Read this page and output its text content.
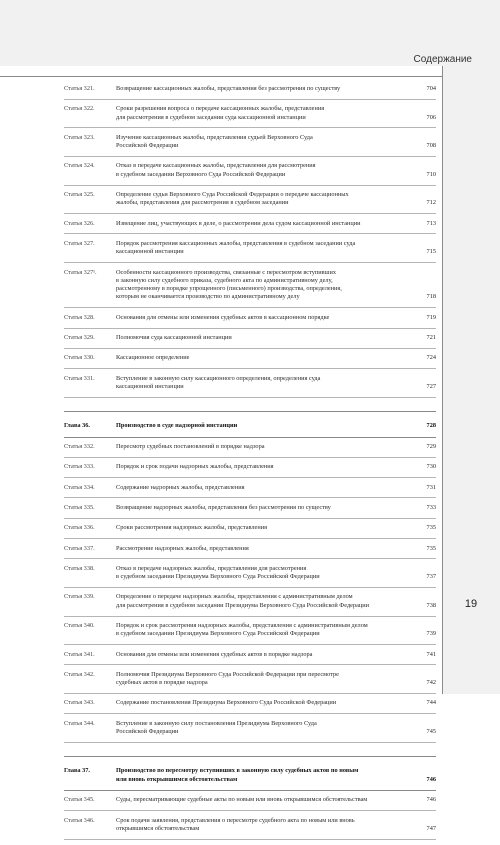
Содержание
19
Статья 321.	Возвращение кассационных жалобы, представления без рассмотрения по существу	704
Статья 322.	Сроки разрешения вопроса о передаче кассационных жалобы, представления
для рассмотрения в судебном заседании суда кассационной инстанции	706
Статья 323.	Изучение кассационных жалобы, представления судьей Верховного Суда
Российской Федерации	708
Статья 324.	Отказ в передаче кассационных жалобы, представления для рассмотрения
в судебном заседании Верховного Суда Российской Федерации	710
Статья 325.	Определение судьи Верховного Суда Российской Федерации о передаче кассационных
жалобы, представления для рассмотрения в судебном заседании	712
Статья 326.	Извещение лиц, участвующих в деле, о рассмотрении дела судом кассационной инстанции	713
Статья 327.	Порядок рассмотрения кассационных жалобы, представления в судебном заседании суда
кассационной инстанции	715
Статья 327¹.	Особенности кассационного производства, связанные с пересмотром вступивших
в законную силу судебного приказа, судебного акта по административному делу,
рассмотренному в порядке упрощенного (письменного) производства, определения,
которым не оканчивается производство по административному делу	718
Статья 328.	Основания для отмены или изменения судебных актов в кассационном порядке	719
Статья 329.	Полномочия суда кассационной инстанции	721
Статья 330.	Кассационное определение	724
Статья 331.	Вступление в законную силу кассационного определения, определения суда
кассационной инстанции	727
Глава 36.	Производство в суде надзорной инстанции	728
Статья 332.	Пересмотр судебных постановлений в порядке надзора	729
Статья 333.	Порядок и срок подачи надзорных жалобы, представления	730
Статья 334.	Содержание надзорных жалобы, представления	731
Статья 335.	Возвращение надзорных жалобы, представления без рассмотрения по существу	733
Статья 336.	Сроки рассмотрения надзорных жалобы, представления	735
Статья 337.	Рассмотрение надзорных жалобы, представления	735
Статья 338.	Отказ в передаче надзорных жалобы, представления для рассмотрения
в судебном заседании Президиума Верховного Суда Российской Федерации	737
Статья 339.	Определение о передаче надзорных жалобы, представления с административным делом
для рассмотрения в судебном заседании Президиума Верховного Суда Российской Федерации	738
Статья 340.	Порядок и срок рассмотрения надзорных жалобы, представления с административным делом
в судебном заседании Президиума Верховного Суда Российской Федерации	739
Статья 341.	Основания для отмены или изменения судебных актов в порядке надзора	741
Статья 342.	Полномочия Президиума Верховного Суда Российской Федерации при пересмотре
судебных актов в порядке надзора	742
Статья 343.	Содержание постановления Президиума Верховного Суда Российской Федерации	744
Статья 344.	Вступление в законную силу постановления Президиума Верховного Суда
Российской Федерации	745
Глава 37.	Производство по пересмотру вступивших в законную силу судебных актов по новым
или вновь открывшимся обстоятельствам	746
Статья 345.	Суды, пересматривающие судебные акты по новым или вновь открывшимся обстоятельствам	746
Статья 346.	Срок подачи заявления, представления о пересмотре судебного акта по новым или вновь
открывшимся обстоятельствам	747
